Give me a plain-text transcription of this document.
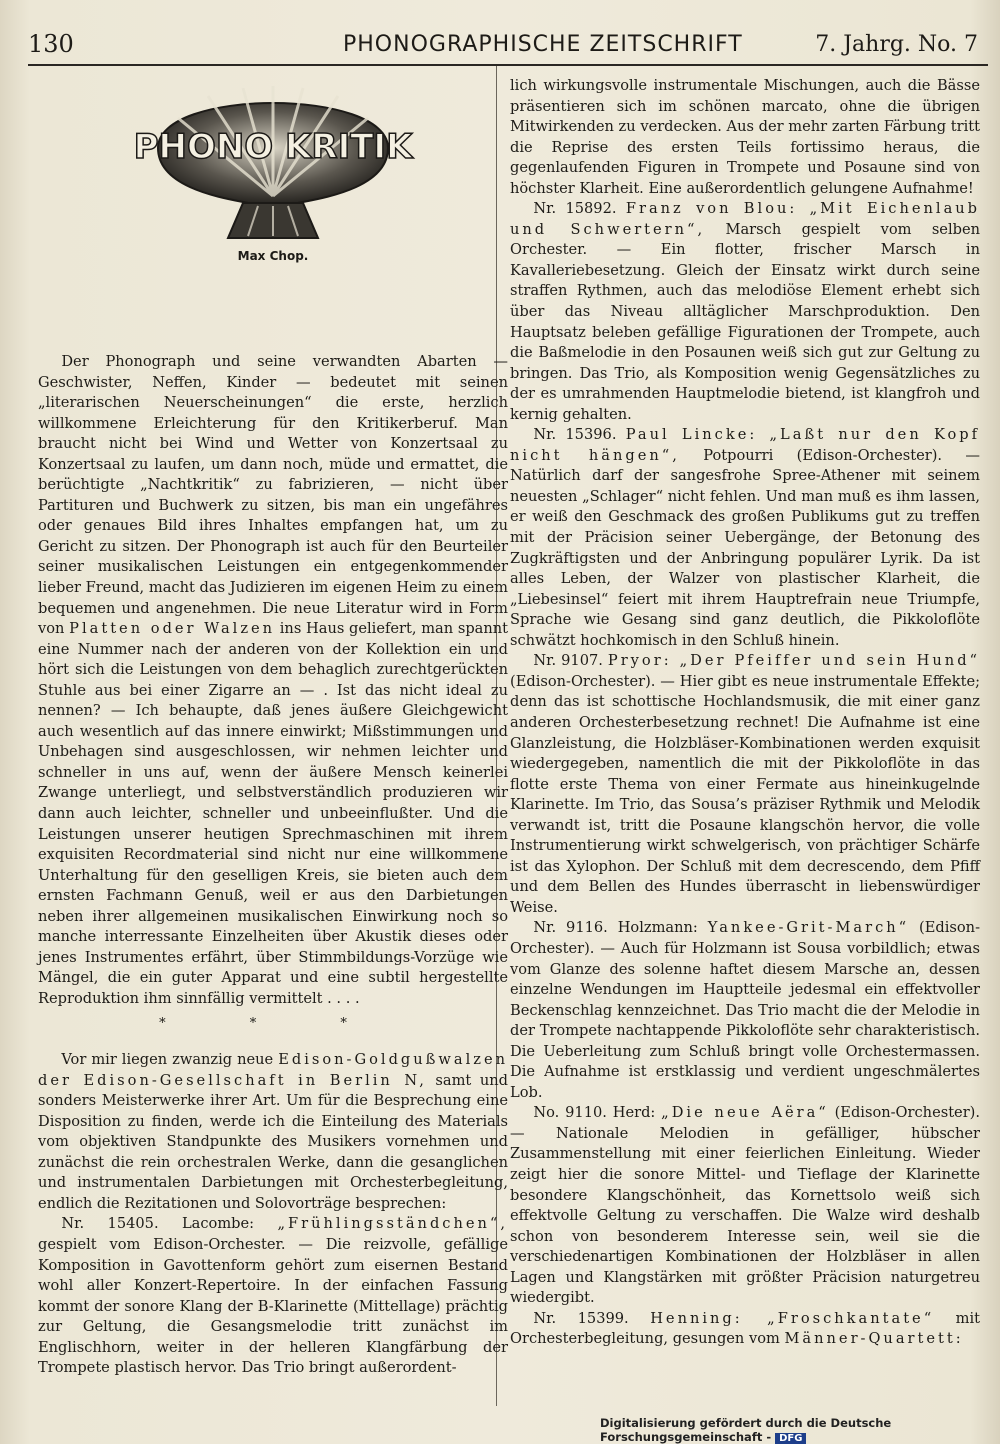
130	PHONOGRAPHISCHE ZEITSCHRIFT	7. Jahrg. No. 7
PHONO KRITIK
Max Chop.

Der Phonograph und seine verwandten Abarten — Geschwister, Neffen, Kinder — bedeutet mit seinen „literarischen Neuerscheinungen“ die erste, herzlich willkommene Erleichterung für den Kritikerberuf. Man braucht nicht bei Wind und Wetter von Konzertsaal zu Konzertsaal zu laufen, um dann noch, müde und ermattet, die berüchtigte „Nachtkritik“ zu fabrizieren, — nicht über Partituren und Buchwerk zu sitzen, bis man ein ungefähres oder genaues Bild ihres Inhaltes empfangen hat, um zu Gericht zu sitzen. Der Phonograph ist auch für den Beurteiler seiner musikalischen Leistungen ein entgegenkommender lieber Freund, macht das Judizieren im eigenen Heim zu einem bequemen und angenehmen. Die neue Literatur wird in Form von Platten oder Walzen ins Haus geliefert, man spannt eine Nummer nach der anderen von der Kollektion ein und hört sich die Leistungen von dem behaglich zurechtgerückten Stuhle aus bei einer Zigarre an — . Ist das nicht ideal zu nennen? — Ich behaupte, daß jenes äußere Gleichgewicht auch wesentlich auf das innere einwirkt; Mißstimmungen und Unbehagen sind ausgeschlossen, wir nehmen leichter und schneller in uns auf, wenn der äußere Mensch keinerlei Zwange unterliegt, und selbstverständlich produzieren wir dann auch leichter, schneller und unbeeinflußter. Und die Leistungen unserer heutigen Sprechmaschinen mit ihrem exquisiten Recordmaterial sind nicht nur eine willkommene Unterhaltung für den geselligen Kreis, sie bieten auch dem ernsten Fachmann Genuß, weil er aus den Darbietungen neben ihrer allgemeinen musikalischen Einwirkung noch so manche interressante Einzelheiten über Akustik dieses oder jenes Instrumentes erfährt, über Stimmbildungs-Vorzüge wie Mängel, die ein guter Apparat und eine subtil hergestellte Reproduktion ihm sinnfällig vermittelt . . . .

* * *

Vor mir liegen zwanzig neue Edison-Goldgußwalzen der Edison-Gesellschaft in Berlin N, samt und sonders Meisterwerke ihrer Art. Um für die Besprechung eine Disposition zu finden, werde ich die Einteilung des Materials vom objektiven Standpunkte des Musikers vornehmen und zunächst die rein orchestralen Werke, dann die gesanglichen und instrumentalen Darbietungen mit Orchesterbegleitung, endlich die Rezitationen und Solovorträge besprechen:

Nr. 15405. Lacombe: „Frühlingsständchen“, gespielt vom Edison-Orchester. — Die reizvolle, gefällige Komposition in Gavottenform gehört zum eisernen Bestand wohl aller Konzert-Repertoire. In der einfachen Fassung kommt der sonore Klang der B-Klarinette (Mittellage) prächtig zur Geltung, die Gesangsmelodie tritt zunächst im Englischhorn, weiter in der helleren Klangfärbung der Trompete plastisch hervor. Das Trio bringt außerordent-

lich wirkungsvolle instrumentale Mischungen, auch die Bässe präsentieren sich im schönen marcato, ohne die übrigen Mitwirkenden zu verdecken. Aus der mehr zarten Färbung tritt die Reprise des ersten Teils fortissimo heraus, die gegenlaufenden Figuren in Trompete und Posaune sind von höchster Klarheit. Eine außerordentlich gelungene Aufnahme!

Nr. 15892. Franz von Blou: „Mit Eichenlaub und Schwertern“, Marsch gespielt vom selben Orchester. — Ein flotter, frischer Marsch in Kavalleriebesetzung. Gleich der Einsatz wirkt durch seine straffen Rythmen, auch das melodiöse Element erhebt sich über das Niveau alltäglicher Marschproduktion. Den Hauptsatz beleben gefällige Figurationen der Trompete, auch die Baßmelodie in den Posaunen weiß sich gut zur Geltung zu bringen. Das Trio, als Komposition wenig Gegensätzliches zu der es umrahmenden Hauptmelodie bietend, ist klangfroh und kernig gehalten.

Nr. 15396. Paul Lincke: „Laßt nur den Kopf nicht hängen“, Potpourri (Edison-Orchester). — Natürlich darf der sangesfrohe Spree-Athener mit seinem neuesten „Schlager“ nicht fehlen. Und man muß es ihm lassen, er weiß den Geschmack des großen Publikums gut zu treffen mit der Präcision seiner Uebergänge, der Betonung des Zugkräftigsten und der Anbringung populärer Lyrik. Da ist alles Leben, der Walzer von plastischer Klarheit, die „Liebesinsel“ feiert mit ihrem Hauptrefrain neue Triumpfe, Sprache wie Gesang sind ganz deutlich, die Pikkoloflöte schwätzt hochkomisch in den Schluß hinein.

Nr. 9107. Pryor: „Der Pfeiffer und sein Hund“ (Edison-Orchester). — Hier gibt es neue instrumentale Effekte; denn das ist schottische Hochlandsmusik, die mit einer ganz anderen Orchesterbesetzung rechnet! Die Aufnahme ist eine Glanzleistung, die Holzbläser-Kombinationen werden exquisit wiedergegeben, namentlich die mit der Pikkoloflöte in das flotte erste Thema von einer Fermate aus hineinkugelnde Klarinette. Im Trio, das Sousa’s präziser Rythmik und Melodik verwandt ist, tritt die Posaune klangschön hervor, die volle Instrumentierung wirkt schwelgerisch, von prächtiger Schärfe ist das Xylophon. Der Schluß mit dem decrescendo, dem Pfiff und dem Bellen des Hundes überrascht in liebenswürdiger Weise.

Nr. 9116. Holzmann: Yankee-Grit-March“ (Edison-Orchester). — Auch für Holzmann ist Sousa vorbildlich; etwas vom Glanze des solenne haftet diesem Marsche an, dessen einzelne Wendungen im Hauptteile jedesmal ein effektvoller Beckenschlag kennzeichnet. Das Trio macht die der Melodie in der Trompete nachtappende Pikkoloflöte sehr charakteristisch. Die Ueberleitung zum Schluß bringt volle Orchestermassen. Die Aufnahme ist erstklassig und verdient ungeschmälertes Lob.

No. 9110. Herd: „Die neue Aëra“ (Edison-Orchester). — Nationale Melodien in gefälliger, hübscher Zusammenstellung mit einer feierlichen Einleitung. Wieder zeigt hier die sonore Mittel- und Tieflage der Klarinette besondere Klangschönheit, das Kornettsolo weiß sich effektvolle Geltung zu verschaffen. Die Walze wird deshalb schon von besonderem Interesse sein, weil sie die verschiedenartigen Kombinationen der Holzbläser in allen Lagen und Klangstärken mit größter Präcision naturgetreu wiedergibt.

Nr. 15399. Henning: „Froschkantate“ mit Orchesterbegleitung, gesungen vom Männer-Quartett:

Digitalisierung gefördert durch die Deutsche Forschungsgemeinschaft - DFG
